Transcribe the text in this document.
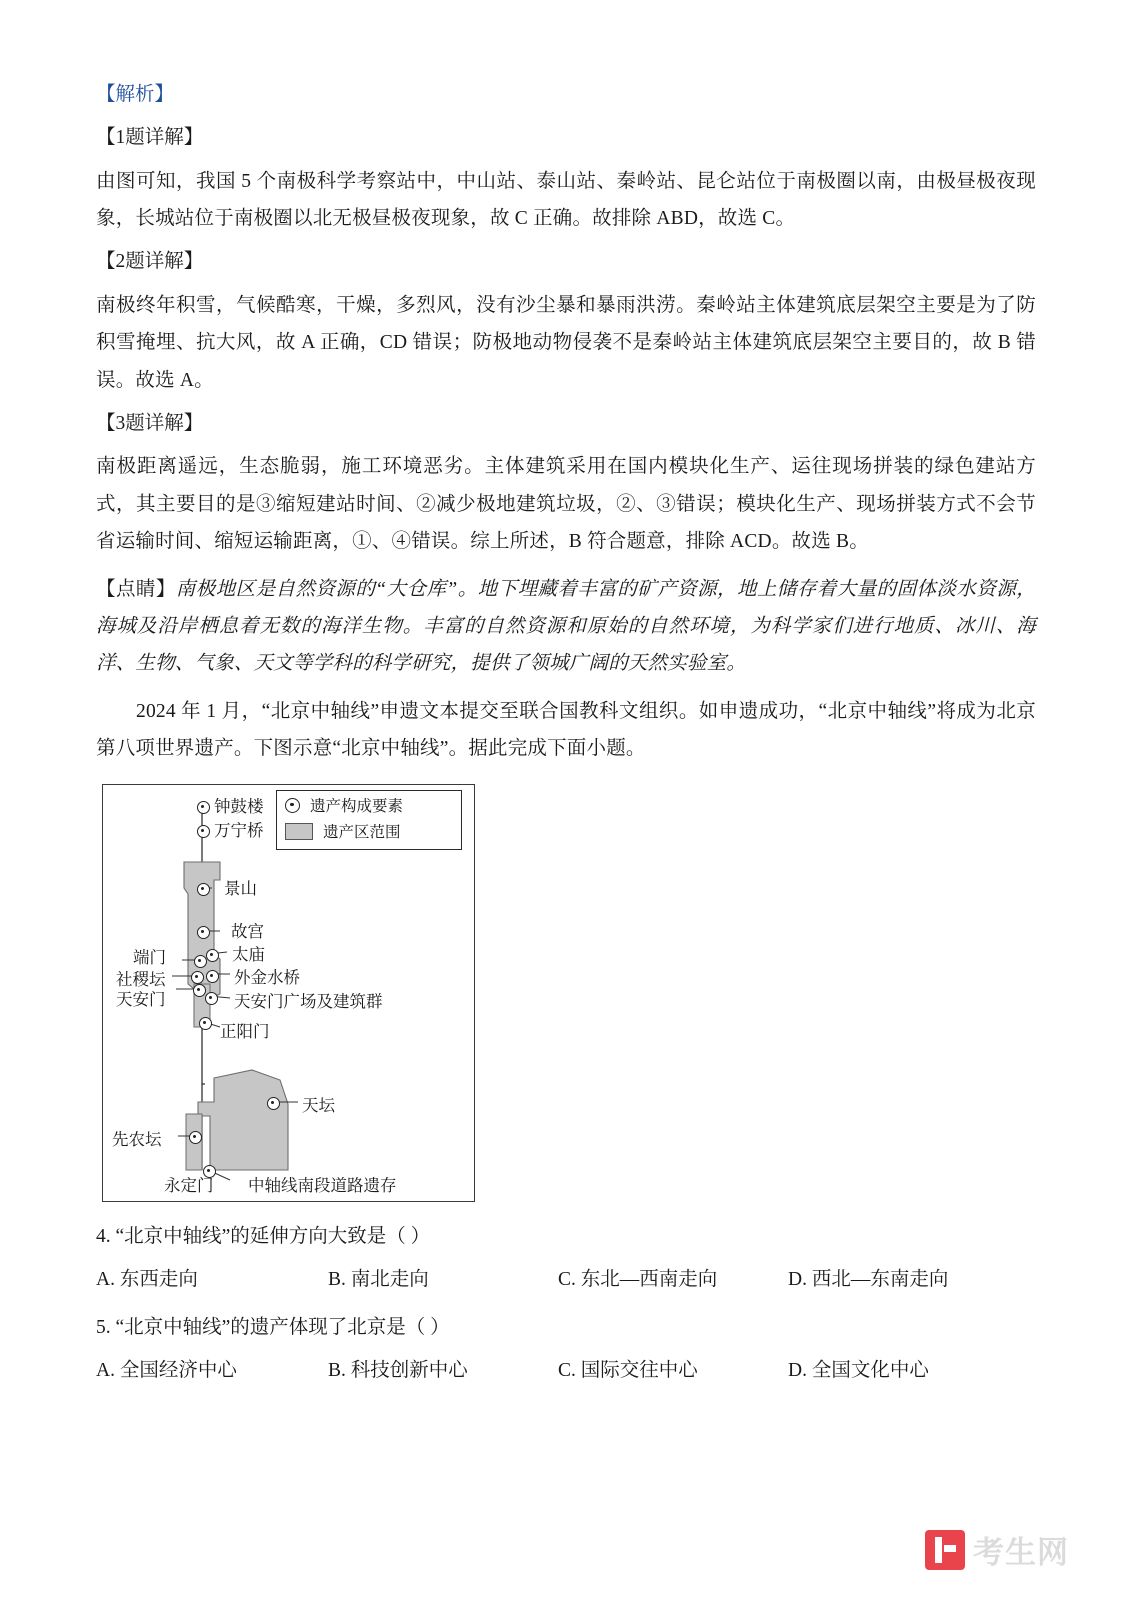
【解析】
【1题详解】

由图可知，我国 5 个南极科学考察站中，中山站、泰山站、秦岭站、昆仑站位于南极圈以南，由极昼极夜现象，长城站位于南极圈以北无极昼极夜现象，故 C 正确。故排除 ABD，故选 C。

【2题详解】

南极终年积雪，气候酷寒，干燥，多烈风，没有沙尘暴和暴雨洪涝。秦岭站主体建筑底层架空主要是为了防积雪掩埋、抗大风，故 A 正确，CD 错误；防极地动物侵袭不是秦岭站主体建筑底层架空主要目的，故 B 错误。故选 A。

【3题详解】

南极距离遥远，生态脆弱，施工环境恶劣。主体建筑采用在国内模块化生产、运往现场拼装的绿色建站方式，其主要目的是③缩短建站时间、②减少极地建筑垃圾，②、③错误；模块化生产、现场拼装方式不会节省运输时间、缩短运输距离，①、④错误。综上所述，B 符合题意，排除 ACD。故选 B。

【点睛】南极地区是自然资源的“大仓库”。地下埋藏着丰富的矿产资源，地上储存着大量的固体淡水资源，海城及沿岸栖息着无数的海洋生物。丰富的自然资源和原始的自然环境，为科学家们进行地质、冰川、海洋、生物、气象、天文等学科的科学研究，提供了领城广阔的天然实验室。

2024 年 1 月，“北京中轴线”申遗文本提交至联合国教科文组织。如申遗成功，“北京中轴线”将成为北京第八项世界遗产。下图示意“北京中轴线”。据此完成下面小题。

遗产构成要素
遗产区范围
钟鼓楼
万宁桥
景山
故宫
端门	太庙
社稷坛	外金水桥
天安门	天安门广场及建筑群
正阳门
天坛
先农坛
永定门 中轴线南段道路遗存
4. “北京中轴线”的延伸方向大致是（ ）
A. 东西走向	B. 南北走向	C. 东北—西南走向	D. 西北—东南走向
5. “北京中轴线”的遗产体现了北京是（ ）
A. 全国经济中心	B. 科技创新中心	C. 国际交往中心	D. 全国文化中心
考生网
